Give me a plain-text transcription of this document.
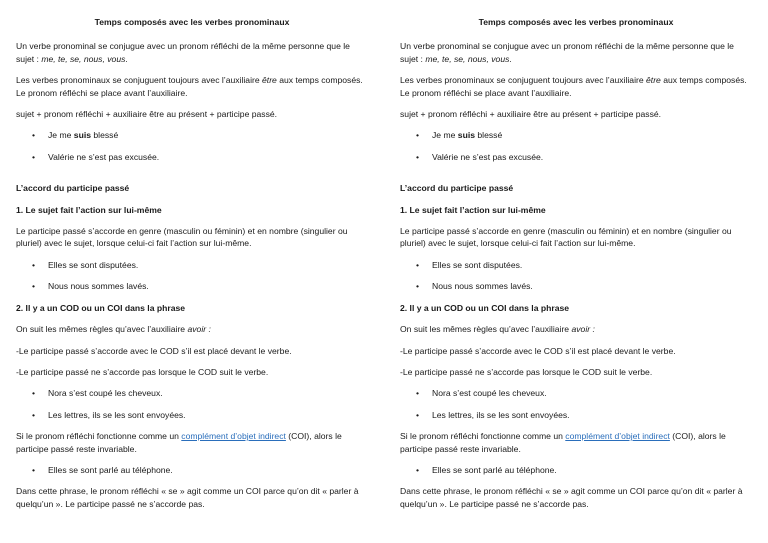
Temps composés avec les verbes pronominaux

Un verbe pronominal se conjugue avec un pronom réfléchi de la même personne que le sujet : me, te, se, nous, vous.

Les verbes pronominaux se conjuguent toujours avec l’auxiliaire être aux temps composés. Le pronom réfléchi se place avant l’auxiliaire.

sujet + pronom réfléchi + auxiliaire être au présent + participe passé.

• Je me suis blessé

• Valérie ne s’est pas excusée.

L’accord du participe passé

1. Le sujet fait l’action sur lui-même

Le participe passé s’accorde en genre (masculin ou féminin) et en nombre (singulier ou pluriel) avec le sujet, lorsque celui-ci fait l’action sur lui-même.

• Elles se sont disputées.

• Nous nous sommes lavés.

2. Il y a un COD ou un COI dans la phrase

On suit les mêmes règles qu’avec l’auxiliaire avoir :

-Le participe passé s’accorde avec le COD s’il est placé devant le verbe.

-Le participe passé ne s’accorde pas lorsque le COD suit le verbe.

• Nora s’est coupé les cheveux.

• Les lettres, ils se les sont envoyées.

Si le pronom réfléchi fonctionne comme un complément d’objet indirect (COI), alors le participe passé reste invariable.

• Elles se sont parlé au téléphone.

Dans cette phrase, le pronom réfléchi « se » agit comme un COI parce qu’on dit « parler à quelqu’un ». Le participe passé ne s’accorde pas.

Temps composés avec les verbes pronominaux

Un verbe pronominal se conjugue avec un pronom réfléchi de la même personne que le sujet : me, te, se, nous, vous.

Les verbes pronominaux se conjuguent toujours avec l’auxiliaire être aux temps composés. Le pronom réfléchi se place avant l’auxiliaire.

sujet + pronom réfléchi + auxiliaire être au présent + participe passé.

• Je me suis blessé

• Valérie ne s’est pas excusée.

L’accord du participe passé

1. Le sujet fait l’action sur lui-même

Le participe passé s’accorde en genre (masculin ou féminin) et en nombre (singulier ou pluriel) avec le sujet, lorsque celui-ci fait l’action sur lui-même.

• Elles se sont disputées.

• Nous nous sommes lavés.

2. Il y a un COD ou un COI dans la phrase

On suit les mêmes règles qu’avec l’auxiliaire avoir :

-Le participe passé s’accorde avec le COD s’il est placé devant le verbe.

-Le participe passé ne s’accorde pas lorsque le COD suit le verbe.

• Nora s’est coupé les cheveux.

• Les lettres, ils se les sont envoyées.

Si le pronom réfléchi fonctionne comme un complément d’objet indirect (COI), alors le participe passé reste invariable.

• Elles se sont parlé au téléphone.

Dans cette phrase, le pronom réfléchi « se » agit comme un COI parce qu’on dit « parler à quelqu’un ». Le participe passé ne s’accorde pas.
